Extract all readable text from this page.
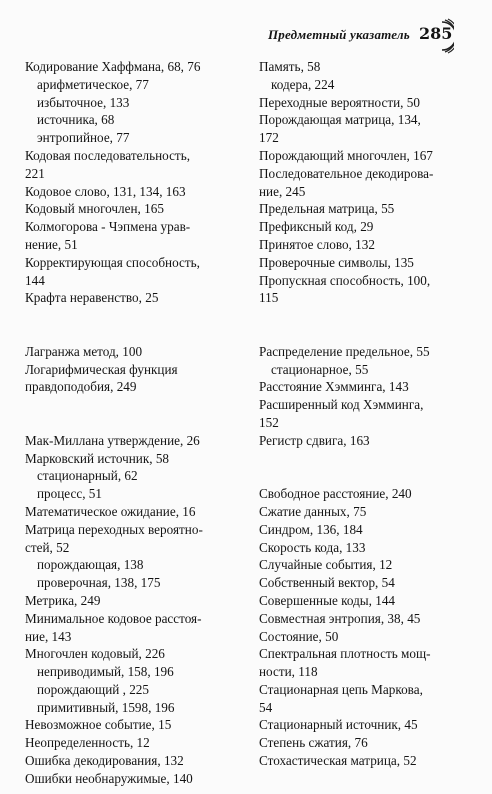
Предметный указатель 285
Кодирование Хаффмана, 68, 76
арифметическое, 77
избыточное, 133
источника, 68
энтропийное, 77
Кодовая последовательность,
221
Кодовое слово, 131, 134, 163
Кодовый многочлен, 165
Колмогорова - Чэпмена урав-
нение, 51
Корректирующая способность,
144
Крафта неравенство, 25
Лагранжа метод, 100
Логарифмическая функция
правдоподобия, 249
Мак-Миллана утверждение, 26
Марковский источник, 58
стационарный, 62
процесс, 51
Математическое ожидание, 16
Матрица переходных вероятно-
стей, 52
порождающая, 138
проверочная, 138, 175
Метрика, 249
Минимальное кодовое расстоя-
ние, 143
Многочлен кодовый, 226
неприводимый, 158, 196
порождающий , 225
примитивный, 1598, 196
Невозможное событие, 15
Неопределенность, 12
Ошибка декодирования, 132
Ошибки необнаружимые, 140
Память, 58
кодера, 224
Переходные вероятности, 50
Порождающая матрица, 134,
172
Порождающий многочлен, 167
Последовательное декодирова-
ние, 245
Предельная матрица, 55
Префиксный код, 29
Принятое слово, 132
Проверочные символы, 135
Пропускная способность, 100,
115
Распределение предельное, 55
стационарное, 55
Расстояние Хэмминга, 143
Расширенный код Хэмминга,
152
Регистр сдвига, 163
Свободное расстояние, 240
Сжатие данных, 75
Синдром, 136, 184
Скорость кода, 133
Случайные события, 12
Собственный вектор, 54
Совершенные коды, 144
Совместная энтропия, 38, 45
Состояние, 50
Спектральная плотность мощ-
ности, 118
Стационарная цепь Маркова,
54
Стационарный источник, 45
Степень сжатия, 76
Стохастическая матрица, 52
